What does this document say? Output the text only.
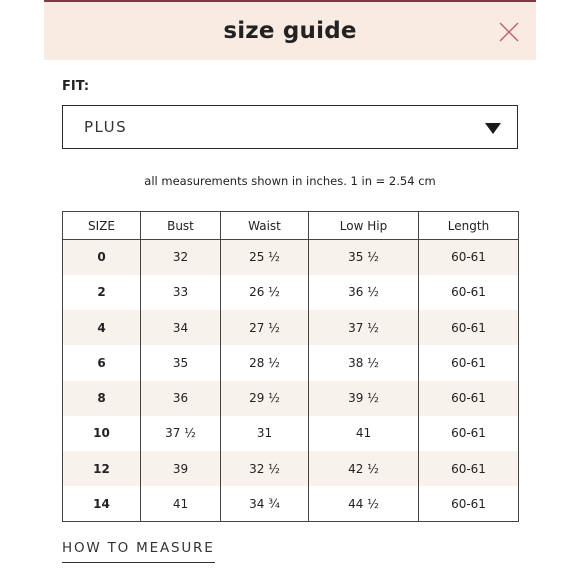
size guide
FIT:
PLUS
all measurements shown in inches. 1 in = 2.54 cm
SIZE	Bust	Waist	Low Hip	Length
0	32	25 ½	35 ½	60-61
2	33	26 ½	36 ½	60-61
4	34	27 ½	37 ½	60-61
6	35	28 ½	38 ½	60-61
8	36	29 ½	39 ½	60-61
10	37 ½	31	41	60-61
12	39	32 ½	42 ½	60-61
14	41	34 ¾	44 ½	60-61
HOW TO MEASURE
